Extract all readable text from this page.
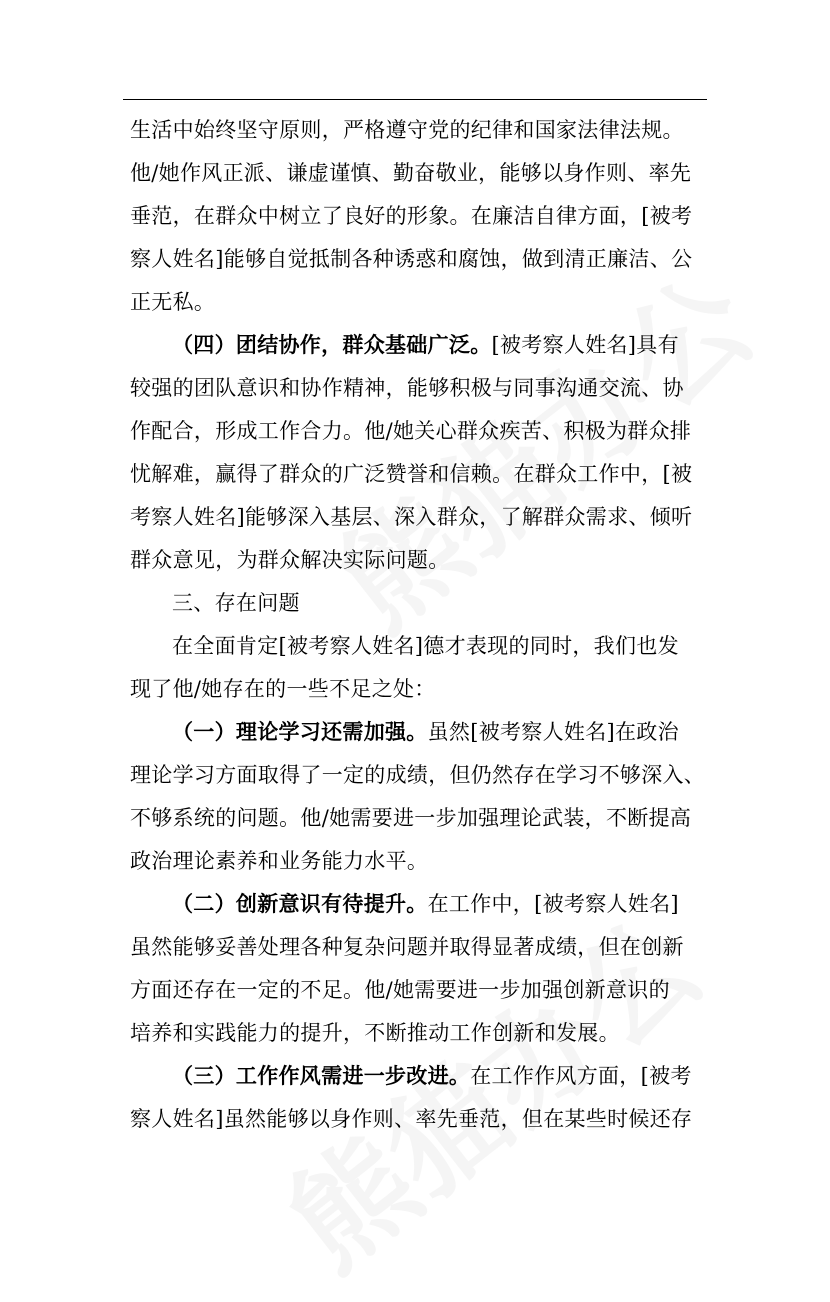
生活中始终坚守原则，严格遵守党的纪律和国家法律法规。
他/她作风正派、谦虚谨慎、勤奋敬业，能够以身作则、率先
垂范，在群众中树立了良好的形象。在廉洁自律方面，[被考
察人姓名]能够自觉抵制各种诱惑和腐蚀，做到清正廉洁、公
正无私。
（四）团结协作，群众基础广泛。[被考察人姓名]具有
较强的团队意识和协作精神，能够积极与同事沟通交流、协
作配合，形成工作合力。他/她关心群众疾苦、积极为群众排
忧解难，赢得了群众的广泛赞誉和信赖。在群众工作中，[被
考察人姓名]能够深入基层、深入群众，了解群众需求、倾听
群众意见，为群众解决实际问题。
三、存在问题
在全面肯定[被考察人姓名]德才表现的同时，我们也发
现了他/她存在的一些不足之处：
（一）理论学习还需加强。虽然[被考察人姓名]在政治
理论学习方面取得了一定的成绩，但仍然存在学习不够深入、
不够系统的问题。他/她需要进一步加强理论武装，不断提高
政治理论素养和业务能力水平。
（二）创新意识有待提升。在工作中，[被考察人姓名]
虽然能够妥善处理各种复杂问题并取得显著成绩，但在创新
方面还存在一定的不足。他/她需要进一步加强创新意识的
培养和实践能力的提升，不断推动工作创新和发展。
（三）工作作风需进一步改进。在工作作风方面，[被考
察人姓名]虽然能够以身作则、率先垂范，但在某些时候还存
